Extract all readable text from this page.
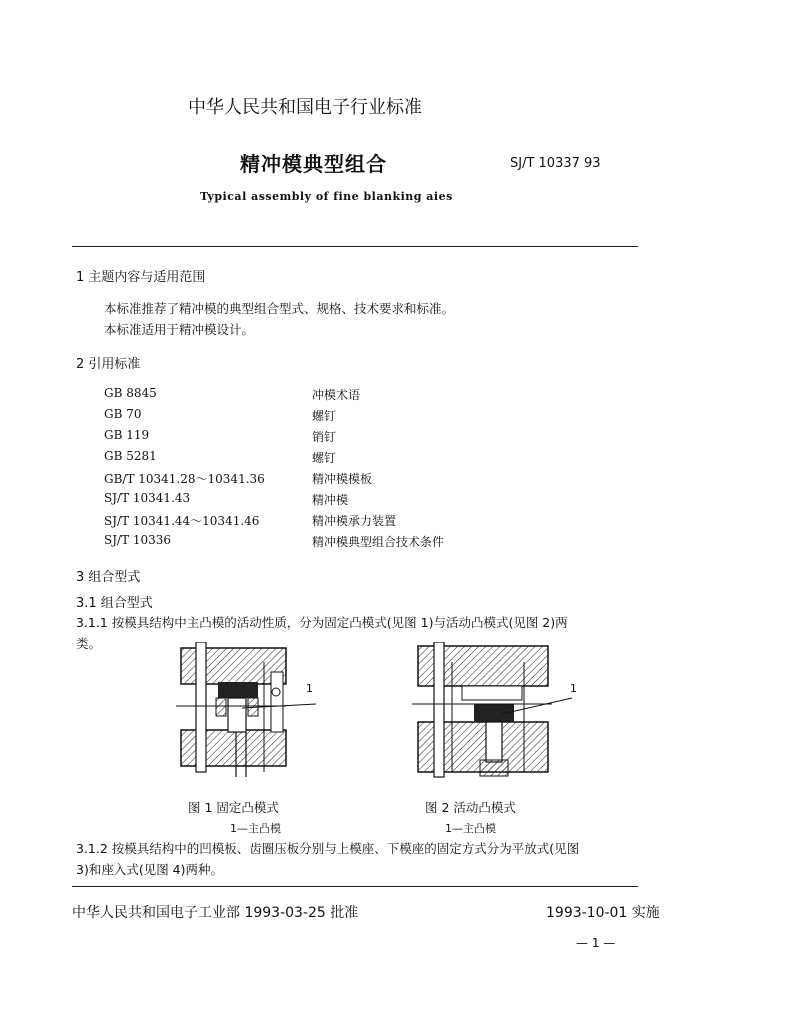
中华人民共和国电子行业标准
精冲模典型组合	SJ/T 10337 93
Typical assembly of fine blanking aies
1 主题内容与适用范围
本标准推荐了精冲模的典型组合型式、规格、技术要求和标准。
本标准适用于精冲模设计。
2 引用标准
GB 8845	冲模术语
GB 70	螺钉
GB 119	销钉
GB 5281	螺钉
GB/T 10341.28～10341.36	精冲模模板
SJ/T 10341.43	精冲模
SJ/T 10341.44～10341.46	精冲模承力装置
SJ/T 10336	精冲模典型组合技术条件
3 组合型式
3.1 组合型式
3.1.1 按模具结构中主凸模的活动性质，分为固定凸模式(见图 1)与活动凸模式(见图 2)两
类。
1	1
图 1 固定凸模式
1—主凸模
图 2 活动凸模式
1—主凸模
3.1.2 按模具结构中的凹模板、齿圈压板分别与上模座、下模座的固定方式分为平放式(见图
3)和座入式(见图 4)两种。
中华人民共和国电子工业部 1993-03-25 批准	1993-10-01 实施
— 1 —
